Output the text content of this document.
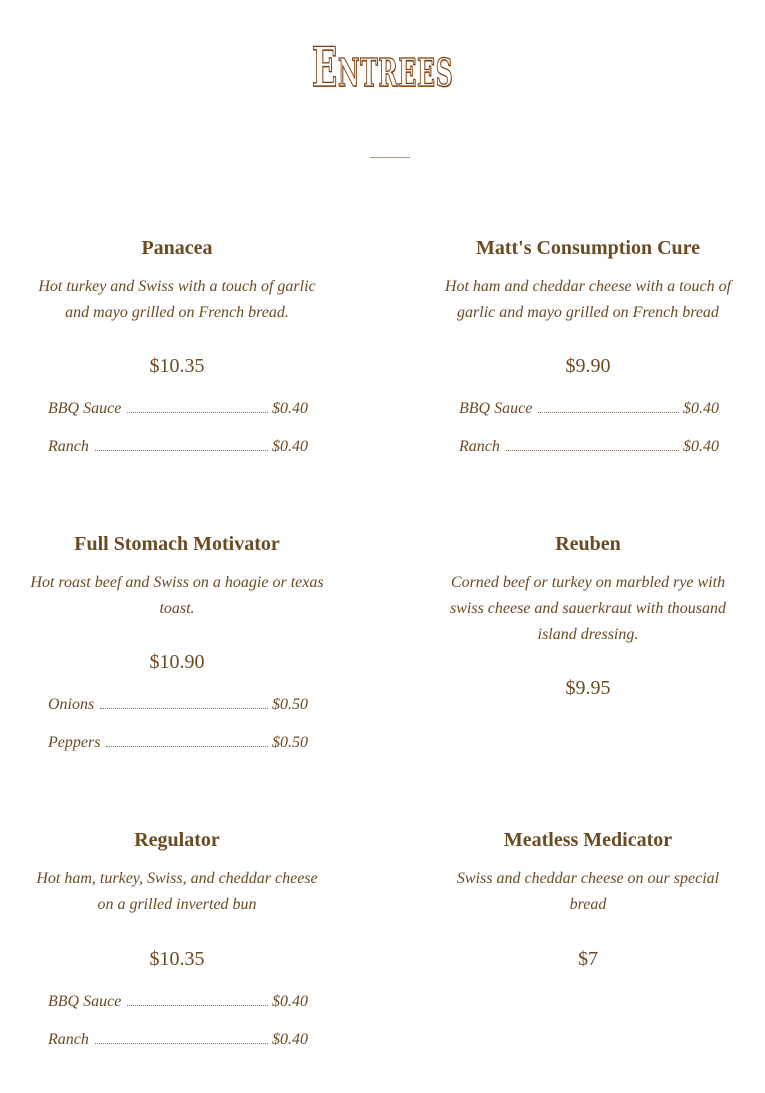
Entrees
Panacea

Hot turkey and Swiss with a touch of garlic and mayo grilled on French bread.

$10.35

BBQ Sauce	$0.40
Ranch	$0.40
Matt's Consumption Cure

Hot ham and cheddar cheese with a touch of garlic and mayo grilled on French bread

$9.90

BBQ Sauce	$0.40
Ranch	$0.40
Full Stomach Motivator

Hot roast beef and Swiss on a hoagie or texas toast.

$10.90

Onions	$0.50
Peppers	$0.50
Reuben

Corned beef or turkey on marbled rye with swiss cheese and sauerkraut with thousand island dressing.

$9.95

Regulator

Hot ham, turkey, Swiss, and cheddar cheese on a grilled inverted bun

$10.35

BBQ Sauce	$0.40
Ranch	$0.40
Meatless Medicator

Swiss and cheddar cheese on our special bread

$7
